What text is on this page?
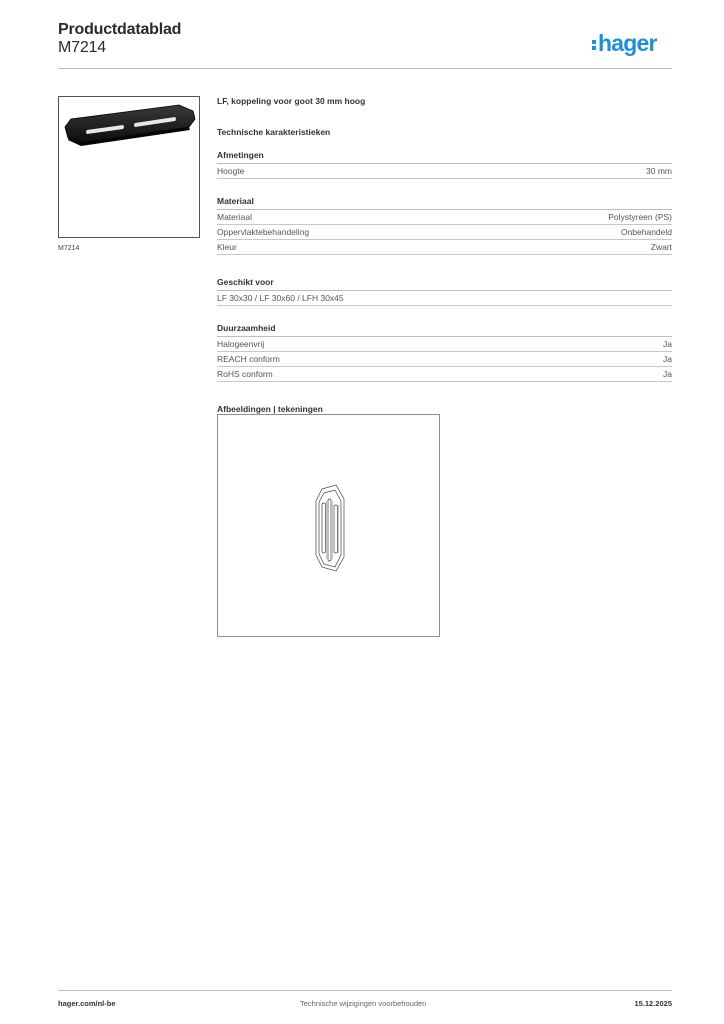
Productdatablad
M7214	hager
M7214
LF, koppeling voor goot 30 mm hoog
Technische karakteristieken
Afmetingen
Hoogte	30 mm
Materiaal
Materiaal	Polystyreen (PS)
Oppervlaktebehandeling	Onbehandeld
Kleur	Zwart
Geschikt voor
LF 30x30 / LF 30x60 / LFH 30x45
Duurzaamheid
Halogeenvrij	Ja
REACH conform	Ja
RoHS conform	Ja
Afbeeldingen | tekeningen
hager.com/nl-be	Technische wijzigingen voorbehouden	15.12.2025
